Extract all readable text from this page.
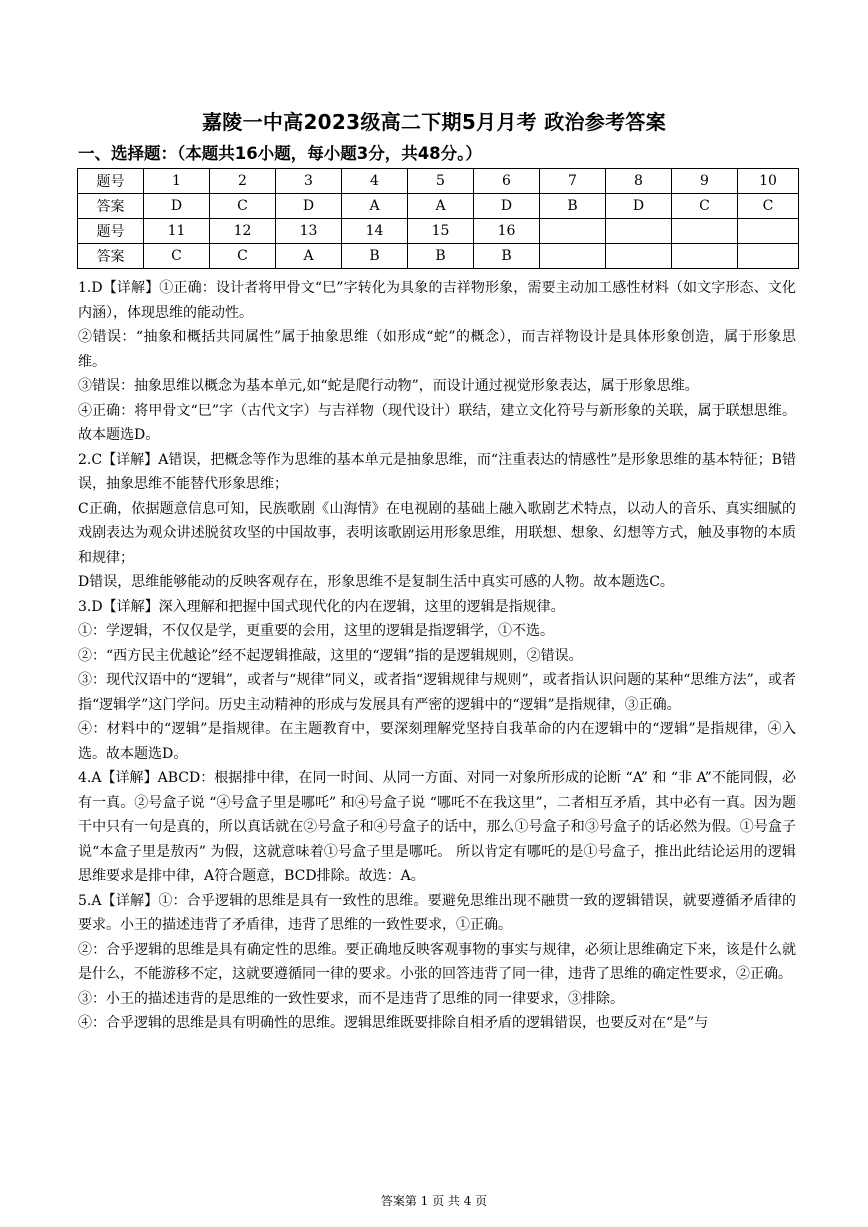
嘉陵一中高2023级高二下期5月月考 政治参考答案
一、选择题：（本题共16小题，每小题3分，共48分。）
题号	1	2	3	4	5	6	7	8	9	10
答案	D	C	D	A	A	D	B	D	C	C
题号	11	12	13	14	15	16				
答案	C	C	A	B	B	B				

1.D【详解】①正确：设计者将甲骨文“巳”字转化为具象的吉祥物形象，需要主动加工感性材料（如文字形态、文化内涵），体现思维的能动性。

②错误：“抽象和概括共同属性”属于抽象思维（如形成“蛇”的概念），而吉祥物设计是具体形象创造，属于形象思维。

③错误：抽象思维以概念为基本单元,如“蛇是爬行动物”，而设计通过视觉形象表达，属于形象思维。

④正确：将甲骨文“巳”字（古代文字）与吉祥物（现代设计）联结，建立文化符号与新形象的关联，属于联想思维。故本题选D。

2.C【详解】A错误，把概念等作为思维的基本单元是抽象思维，而“注重表达的情感性”是形象思维的基本特征；B错误，抽象思维不能替代形象思维；

C正确，依据题意信息可知，民族歌剧《山海情》在电视剧的基础上融入歌剧艺术特点，以动人的音乐、真实细腻的戏剧表达为观众讲述脱贫攻坚的中国故事，表明该歌剧运用形象思维，用联想、想象、幻想等方式，触及事物的本质和规律；

D错误，思维能够能动的反映客观存在，形象思维不是复制生活中真实可感的人物。故本题选C。

3.D【详解】深入理解和把握中国式现代化的内在逻辑，这里的逻辑是指规律。

①：学逻辑，不仅仅是学，更重要的会用，这里的逻辑是指逻辑学，①不选。

②：“西方民主优越论”经不起逻辑推敲，这里的“逻辑”指的是逻辑规则，②错误。

③：现代汉语中的“逻辑”，或者与“规律”同义，或者指“逻辑规律与规则”，或者指认识问题的某种“思维方法”，或者指“逻辑学”这门学问。历史主动精神的形成与发展具有严密的逻辑中的“逻辑”是指规律，③正确。

④：材料中的“逻辑”是指规律。在主题教育中，要深刻理解党坚持自我革命的内在逻辑中的“逻辑”是指规律，④入选。故本题选D。

4.A【详解】ABCD：根据排中律，在同一时间、从同一方面、对同一对象所形成的论断 “A” 和 “非 A”不能同假，必有一真。②号盒子说 “④号盒子里是哪吒” 和④号盒子说 “哪吒不在我这里”，二者相互矛盾，其中必有一真。因为题干中只有一句是真的，所以真话就在②号盒子和④号盒子的话中，那么①号盒子和③号盒子的话必然为假。①号盒子说“本盒子里是敖丙” 为假，这就意味着①号盒子里是哪吒。 所以肯定有哪吒的是①号盒子，推出此结论运用的逻辑思维要求是排中律，A符合题意，BCD排除。故选：A。

5.A【详解】①：合乎逻辑的思维是具有一致性的思维。要避免思维出现不融贯一致的逻辑错误，就要遵循矛盾律的要求。小王的描述违背了矛盾律，违背了思维的一致性要求，①正确。

②：合乎逻辑的思维是具有确定性的思维。要正确地反映客观事物的事实与规律，必须让思维确定下来，该是什么就是什么，不能游移不定，这就要遵循同一律的要求。小张的回答违背了同一律，违背了思维的确定性要求，②正确。

③：小王的描述违背的是思维的一致性要求，而不是违背了思维的同一律要求，③排除。

④：合乎逻辑的思维是具有明确性的思维。逻辑思维既要排除自相矛盾的逻辑错误，也要反对在“是”与

答案第 1 页 共 4 页
